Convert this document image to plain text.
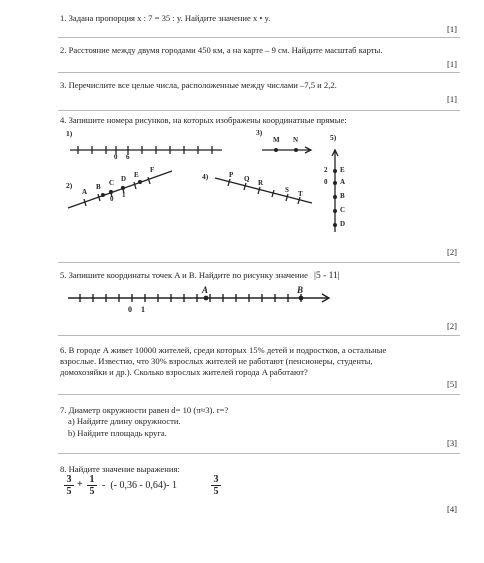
1. Задана пропорция x : 7 = 35 : y. Найдите значение x • y.
[1]
2. Расстояние между двумя городами 450 км, а на карте – 9 см. Найдите масштаб карты.
[1]
3. Перечислите все целые числа, расположенные между числами –7,5 и 2,2.
[1]
4. Запишите номера рисунков, на которых изображены координатные прямые:
1)
0 6
2)
A
B C D E
F
0 1
3)
M N
4)	P Q R
S T
5)
E
A
B
C
D
2
0
[2]
5. Запишите координаты точек A и B. Найдите по рисунку значение |5 - 11|
A	B
0 1
[2]
6. В городе A живет 10000 жителей, среди которых 15% детей и подростков, а остальные
взрослые. Известно, что 30% взрослых жителей не работают (пенсионеры, студенты,
домохозяйки и др.). Сколько взрослых жителей города A работают?
[5]
7. Диаметр окружности равен d= 10 (π≈3). r=?
a) Найдите длину окружности.
b) Найдите площадь круга.
[3]
8. Найдите значение выражения:
$\frac{3}{5} + \frac{1}{5}$ -  (- 0,36 - 0,64)- 1	$\frac{3}{5}$
[4]
